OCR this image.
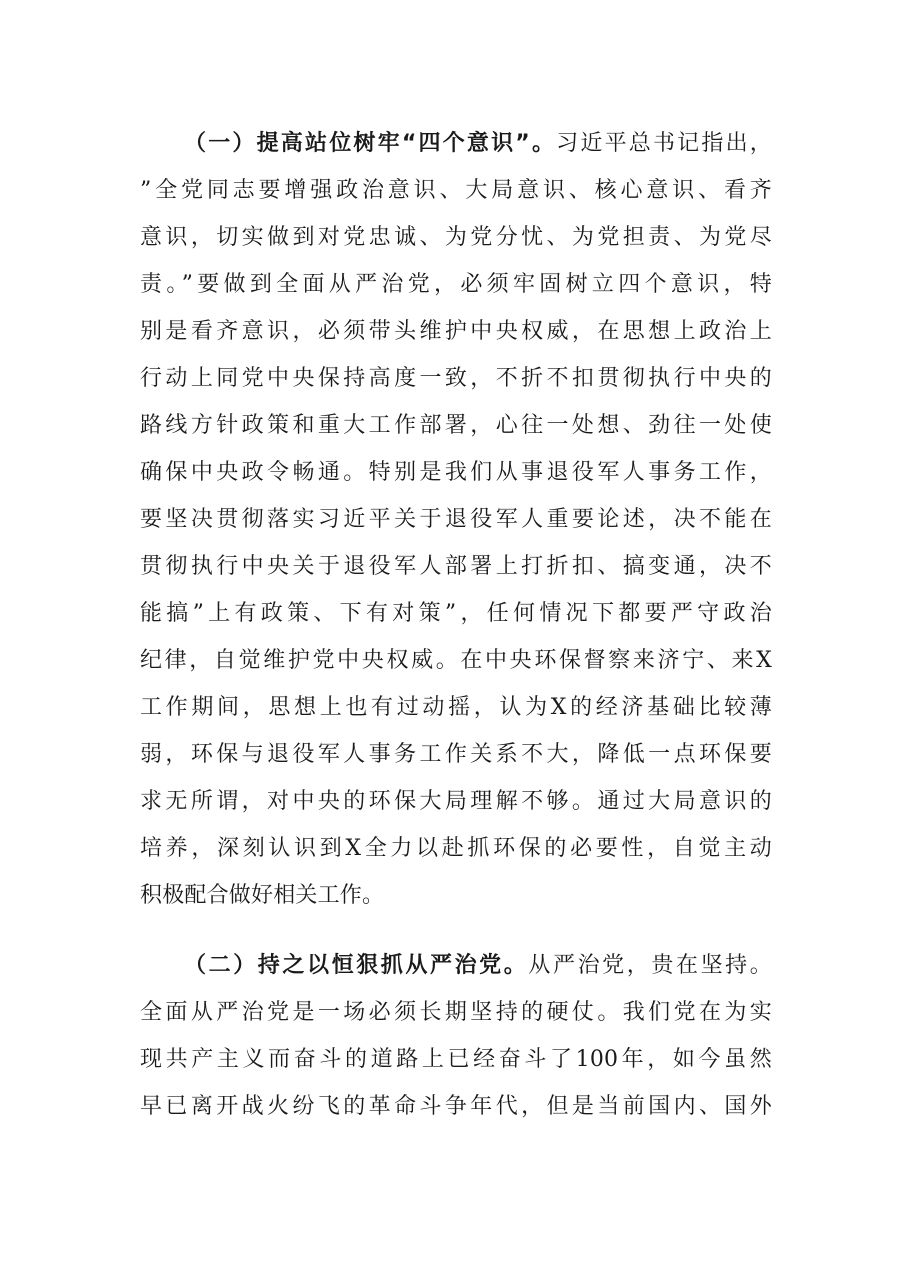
（一）提高站位树牢“四个意识”。习近平总书记指出，
”全党同志要增强政治意识、大局意识、核心意识、看齐
意识，切实做到对党忠诚、为党分忧、为党担责、为党尽
责。”要做到全面从严治党，必须牢固树立四个意识，特
别是看齐意识，必须带头维护中央权威，在思想上政治上
行动上同党中央保持高度一致，不折不扣贯彻执行中央的
路线方针政策和重大工作部署，心往一处想、劲往一处使
确保中央政令畅通。特别是我们从事退役军人事务工作，
要坚决贯彻落实习近平关于退役军人重要论述，决不能在
贯彻执行中央关于退役军人部署上打折扣、搞变通，决不
能搞”上有政策、下有对策”，任何情况下都要严守政治
纪律，自觉维护党中央权威。在中央环保督察来济宁、来X
工作期间，思想上也有过动摇，认为X的经济基础比较薄
弱，环保与退役军人事务工作关系不大，降低一点环保要
求无所谓，对中央的环保大局理解不够。通过大局意识的
培养，深刻认识到X全力以赴抓环保的必要性，自觉主动
积极配合做好相关工作。
（二）持之以恒狠抓从严治党。从严治党，贵在坚持。
全面从严治党是一场必须长期坚持的硬仗。我们党在为实
现共产主义而奋斗的道路上已经奋斗了100年，如今虽然
早已离开战火纷飞的革命斗争年代，但是当前国内、国外
